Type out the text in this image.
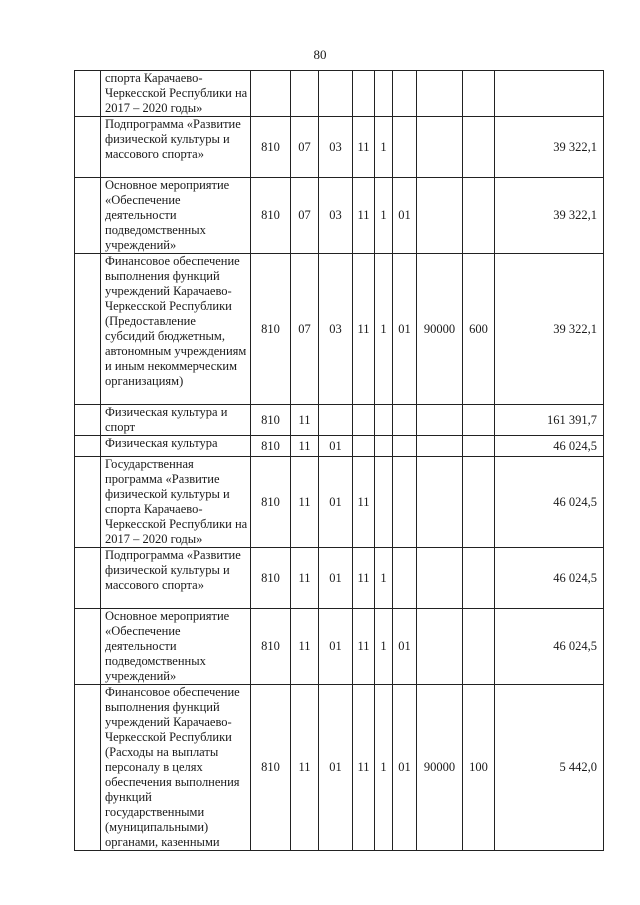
80
	спорта Карачаево-Черкесской Республики на 2017 – 2020 годы»									
	Подпрограмма «Развитие физической культуры и массового спорта»	810	07	03	11	1				39 322,1
	Основное мероприятие «Обеспечение деятельности подведомственных учреждений»	810	07	03	11	1	01			39 322,1
	Финансовое обеспечение выполнения функций учреждений Карачаево-Черкесской Республики (Предоставление субсидий бюджетным, автономным учреждениям и иным некоммерческим организациям)	810	07	03	11	1	01	90000	600	39 322,1
	Физическая культура и спорт	810	11							161 391,7
	Физическая культура	810	11	01						46 024,5
	Государственная программа «Развитие физической культуры и спорта Карачаево-Черкесской Республики на 2017 – 2020 годы»	810	11	01	11					46 024,5
	Подпрограмма «Развитие физической культуры и массового спорта»	810	11	01	11	1				46 024,5
	Основное мероприятие «Обеспечение деятельности подведомственных учреждений»	810	11	01	11	1	01			46 024,5
	Финансовое обеспечение выполнения функций учреждений Карачаево-Черкесской Республики (Расходы на выплаты персоналу в целях обеспечения выполнения функций государственными (муниципальными) органами, казенными	810	11	01	11	1	01	90000	100	5 442,0
